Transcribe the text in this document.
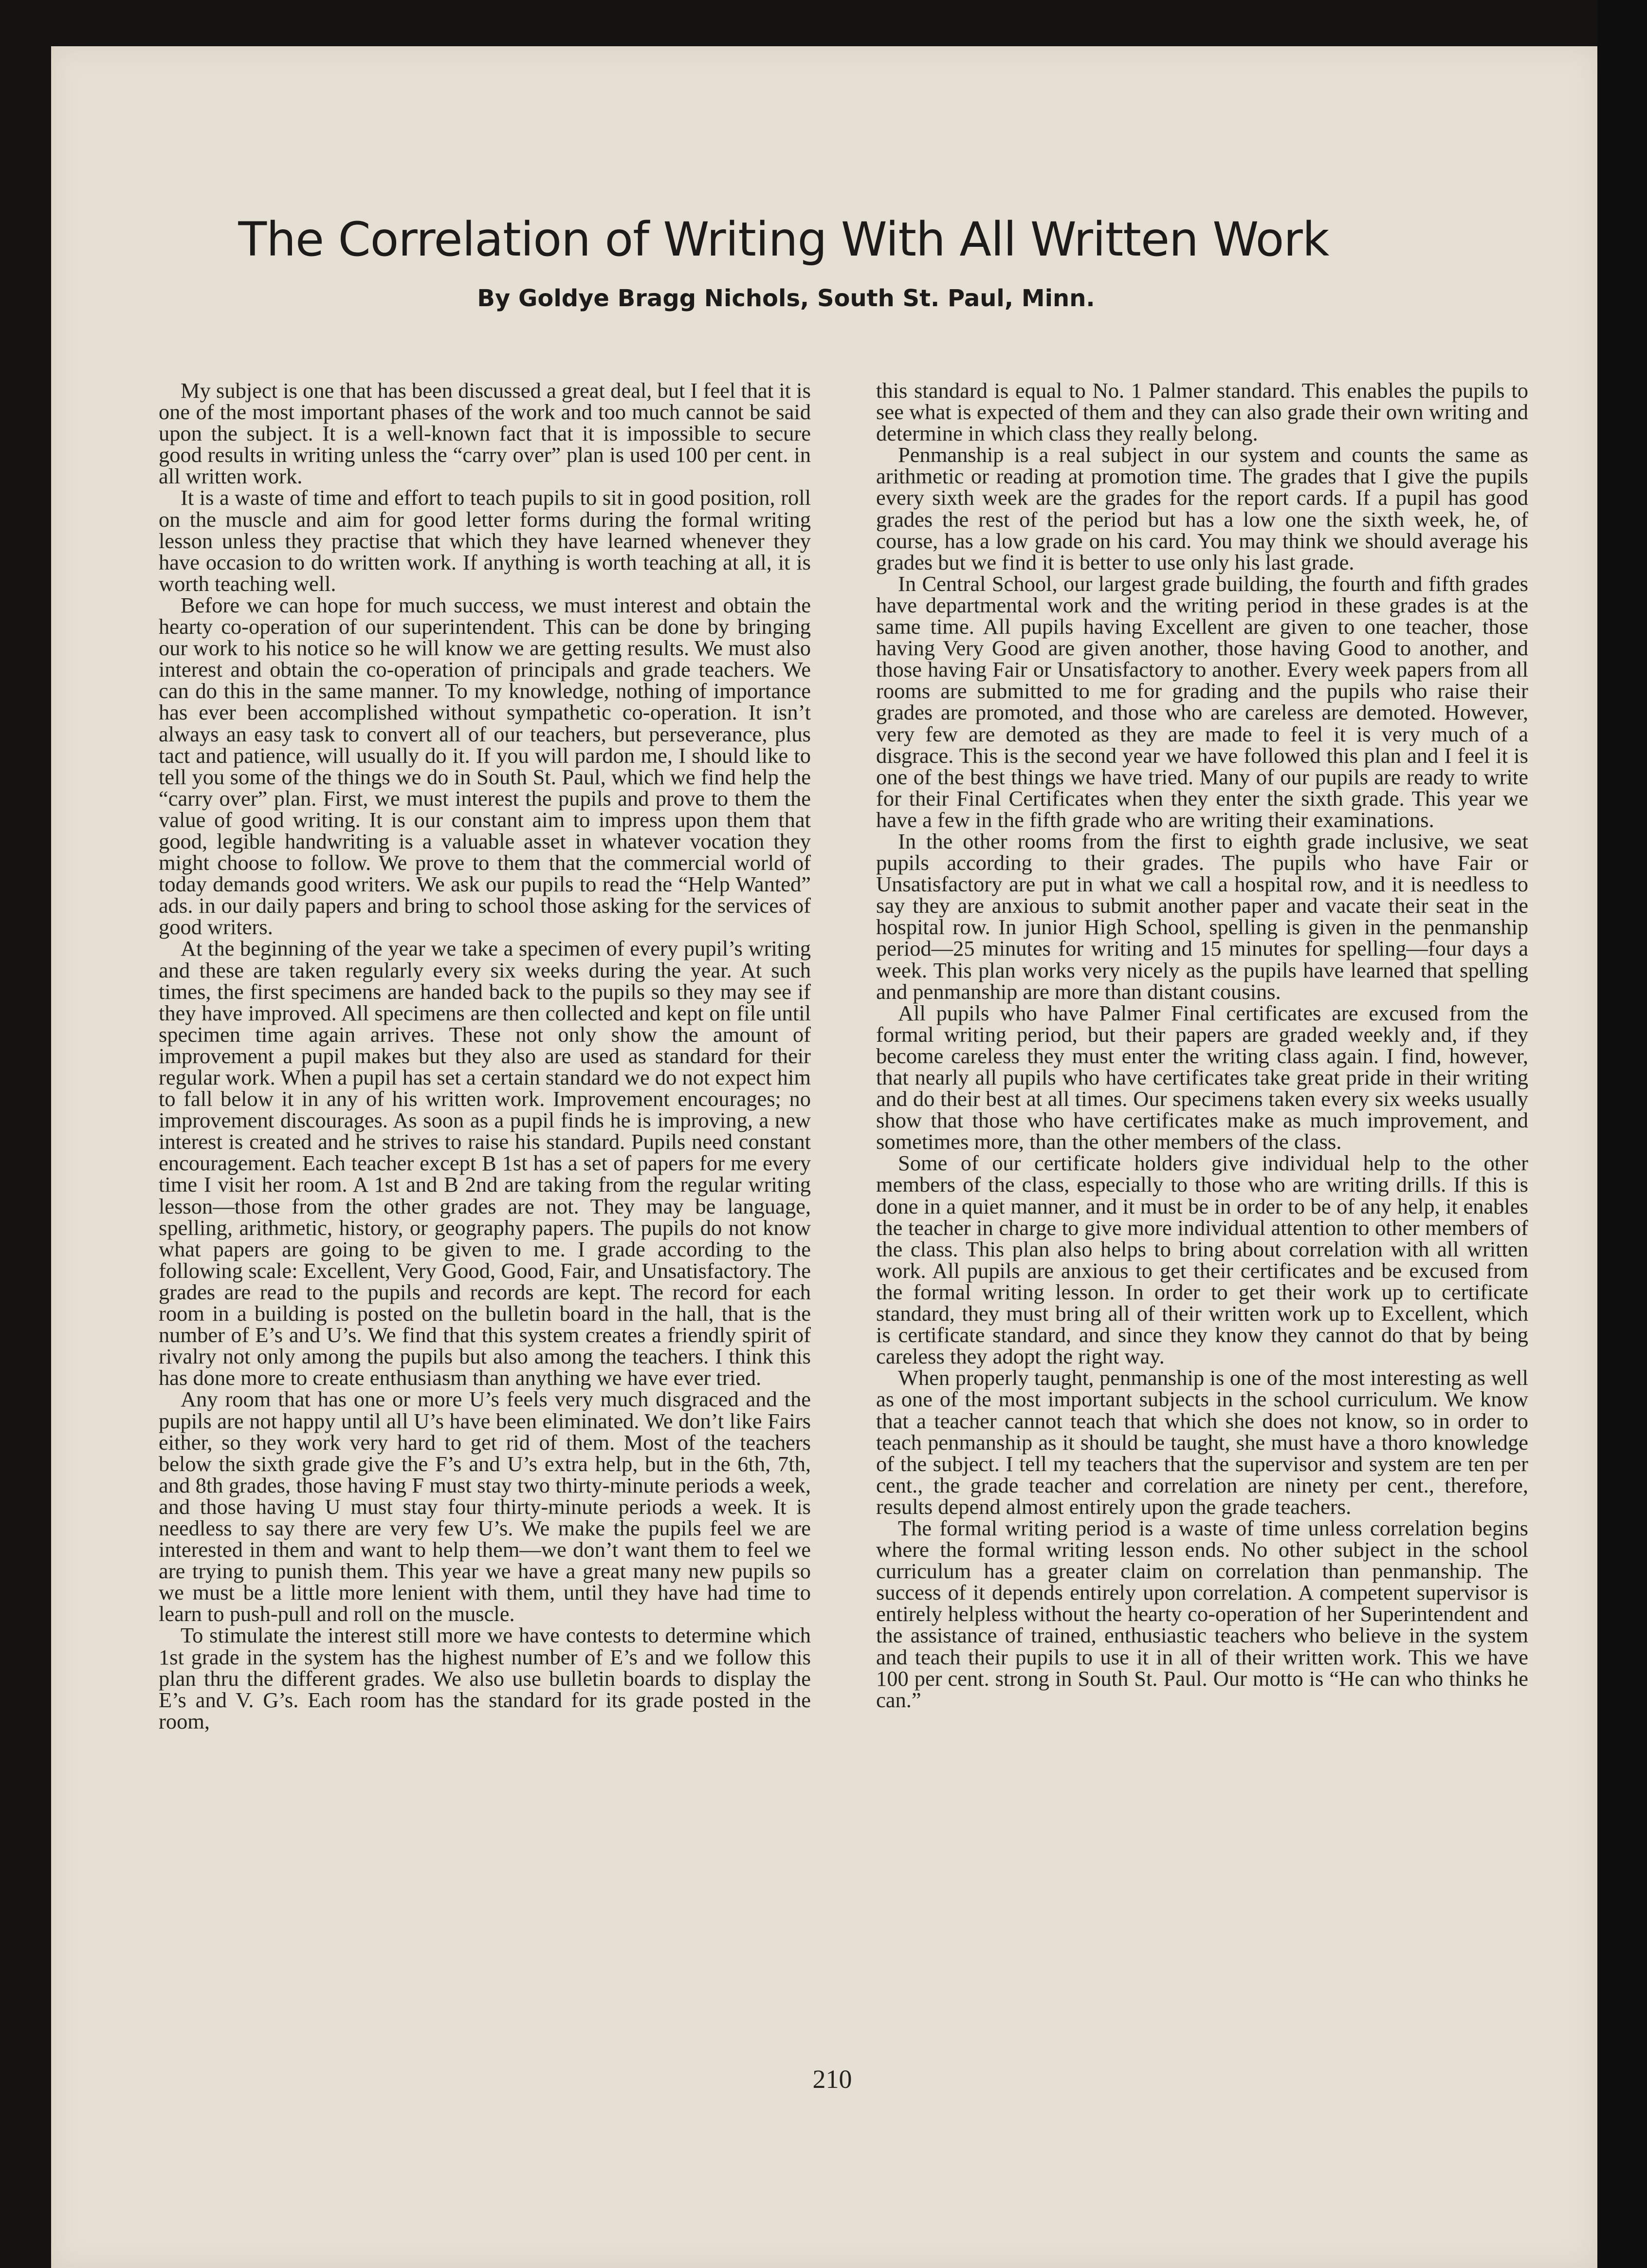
The Correlation of Writing With All Written Work
By Goldye Bragg Nichols, South St. Paul, Minn.

My subject is one that has been discussed a great deal, but I feel that it is one of the most important phases of the work and too much cannot be said upon the subject. It is a well-known fact that it is impossible to secure good results in writing unless the “carry over” plan is used 100 per cent. in all written work.

It is a waste of time and effort to teach pupils to sit in good position, roll on the muscle and aim for good letter forms during the formal writing lesson unless they practise that which they have learned whenever they have occasion to do written work. If anything is worth teaching at all, it is worth teaching well.

Before we can hope for much success, we must interest and obtain the hearty co-operation of our superintendent. This can be done by bringing our work to his notice so he will know we are getting results. We must also interest and obtain the co-operation of principals and grade teachers. We can do this in the same manner. To my knowledge, nothing of importance has ever been accomplished without sympathetic co-operation. It isn’t always an easy task to convert all of our teachers, but perseverance, plus tact and patience, will usually do it. If you will pardon me, I should like to tell you some of the things we do in South St. Paul, which we find help the “carry over” plan. First, we must interest the pupils and prove to them the value of good writing. It is our constant aim to impress upon them that good, legible handwriting is a valuable asset in whatever vocation they might choose to follow. We prove to them that the commercial world of today demands good writers. We ask our pupils to read the “Help Wanted” ads. in our daily papers and bring to school those asking for the services of good writers.

At the beginning of the year we take a specimen of every pupil’s writing and these are taken regularly every six weeks during the year. At such times, the first specimens are handed back to the pupils so they may see if they have improved. All specimens are then collected and kept on file until specimen time again arrives. These not only show the amount of improvement a pupil makes but they also are used as standard for their regular work. When a pupil has set a certain standard we do not expect him to fall below it in any of his written work. Improvement encourages; no improvement discourages. As soon as a pupil finds he is improving, a new interest is created and he strives to raise his standard. Pupils need constant encouragement. Each teacher except B 1st has a set of papers for me every time I visit her room. A 1st and B 2nd are taking from the regular writing lesson—those from the other grades are not. They may be language, spelling, arithmetic, history, or geography papers. The pupils do not know what papers are going to be given to me. I grade according to the following scale: Excellent, Very Good, Good, Fair, and Unsatisfactory. The grades are read to the pupils and records are kept. The record for each room in a building is posted on the bulletin board in the hall, that is the number of E’s and U’s. We find that this system creates a friendly spirit of rivalry not only among the pupils but also among the teachers. I think this has done more to create enthusiasm than anything we have ever tried.

Any room that has one or more U’s feels very much disgraced and the pupils are not happy until all U’s have been eliminated. We don’t like Fairs either, so they work very hard to get rid of them. Most of the teachers below the sixth grade give the F’s and U’s extra help, but in the 6th, 7th, and 8th grades, those having F must stay two thirty-minute periods a week, and those having U must stay four thirty-minute periods a week. It is needless to say there are very few U’s. We make the pupils feel we are interested in them and want to help them—we don’t want them to feel we are trying to punish them. This year we have a great many new pupils so we must be a little more lenient with them, until they have had time to learn to push-pull and roll on the muscle.

To stimulate the interest still more we have contests to determine which 1st grade in the system has the highest number of E’s and we follow this plan thru the different grades. We also use bulletin boards to display the E’s and V. G’s. Each room has the standard for its grade posted in the room,

this standard is equal to No. 1 Palmer standard. This enables the pupils to see what is expected of them and they can also grade their own writing and determine in which class they really belong.

Penmanship is a real subject in our system and counts the same as arithmetic or reading at promotion time. The grades that I give the pupils every sixth week are the grades for the report cards. If a pupil has good grades the rest of the period but has a low one the sixth week, he, of course, has a low grade on his card. You may think we should average his grades but we find it is better to use only his last grade.

In Central School, our largest grade building, the fourth and fifth grades have departmental work and the writing period in these grades is at the same time. All pupils having Excellent are given to one teacher, those having Very Good are given another, those having Good to another, and those having Fair or Unsatisfactory to another. Every week papers from all rooms are submitted to me for grading and the pupils who raise their grades are promoted, and those who are careless are demoted. However, very few are demoted as they are made to feel it is very much of a disgrace. This is the second year we have followed this plan and I feel it is one of the best things we have tried. Many of our pupils are ready to write for their Final Certificates when they enter the sixth grade. This year we have a few in the fifth grade who are writing their examinations.

In the other rooms from the first to eighth grade inclusive, we seat pupils according to their grades. The pupils who have Fair or Unsatisfactory are put in what we call a hospital row, and it is needless to say they are anxious to submit another paper and vacate their seat in the hospital row. In junior High School, spelling is given in the penmanship period—25 minutes for writing and 15 minutes for spelling—four days a week. This plan works very nicely as the pupils have learned that spelling and penmanship are more than distant cousins.

All pupils who have Palmer Final certificates are excused from the formal writing period, but their papers are graded weekly and, if they become careless they must enter the writing class again. I find, however, that nearly all pupils who have certificates take great pride in their writing and do their best at all times. Our specimens taken every six weeks usually show that those who have certificates make as much improvement, and sometimes more, than the other members of the class.

Some of our certificate holders give individual help to the other members of the class, especially to those who are writing drills. If this is done in a quiet manner, and it must be in order to be of any help, it enables the teacher in charge to give more individual attention to other members of the class. This plan also helps to bring about correlation with all written work. All pupils are anxious to get their certificates and be excused from the formal writing lesson. In order to get their work up to certificate standard, they must bring all of their written work up to Excellent, which is certificate standard, and since they know they cannot do that by being careless they adopt the right way.

When properly taught, penmanship is one of the most interesting as well as one of the most important subjects in the school curriculum. We know that a teacher cannot teach that which she does not know, so in order to teach penmanship as it should be taught, she must have a thoro knowledge of the subject. I tell my teachers that the supervisor and system are ten per cent., the grade teacher and correlation are ninety per cent., therefore, results depend almost entirely upon the grade teachers.

The formal writing period is a waste of time unless correlation begins where the formal writing lesson ends. No other subject in the school curriculum has a greater claim on correlation than penmanship. The success of it depends entirely upon correlation. A competent supervisor is entirely helpless without the hearty co-operation of her Superintendent and the assistance of trained, enthusiastic teachers who believe in the system and teach their pupils to use it in all of their written work. This we have 100 per cent. strong in South St. Paul. Our motto is “He can who thinks he can.”

210
